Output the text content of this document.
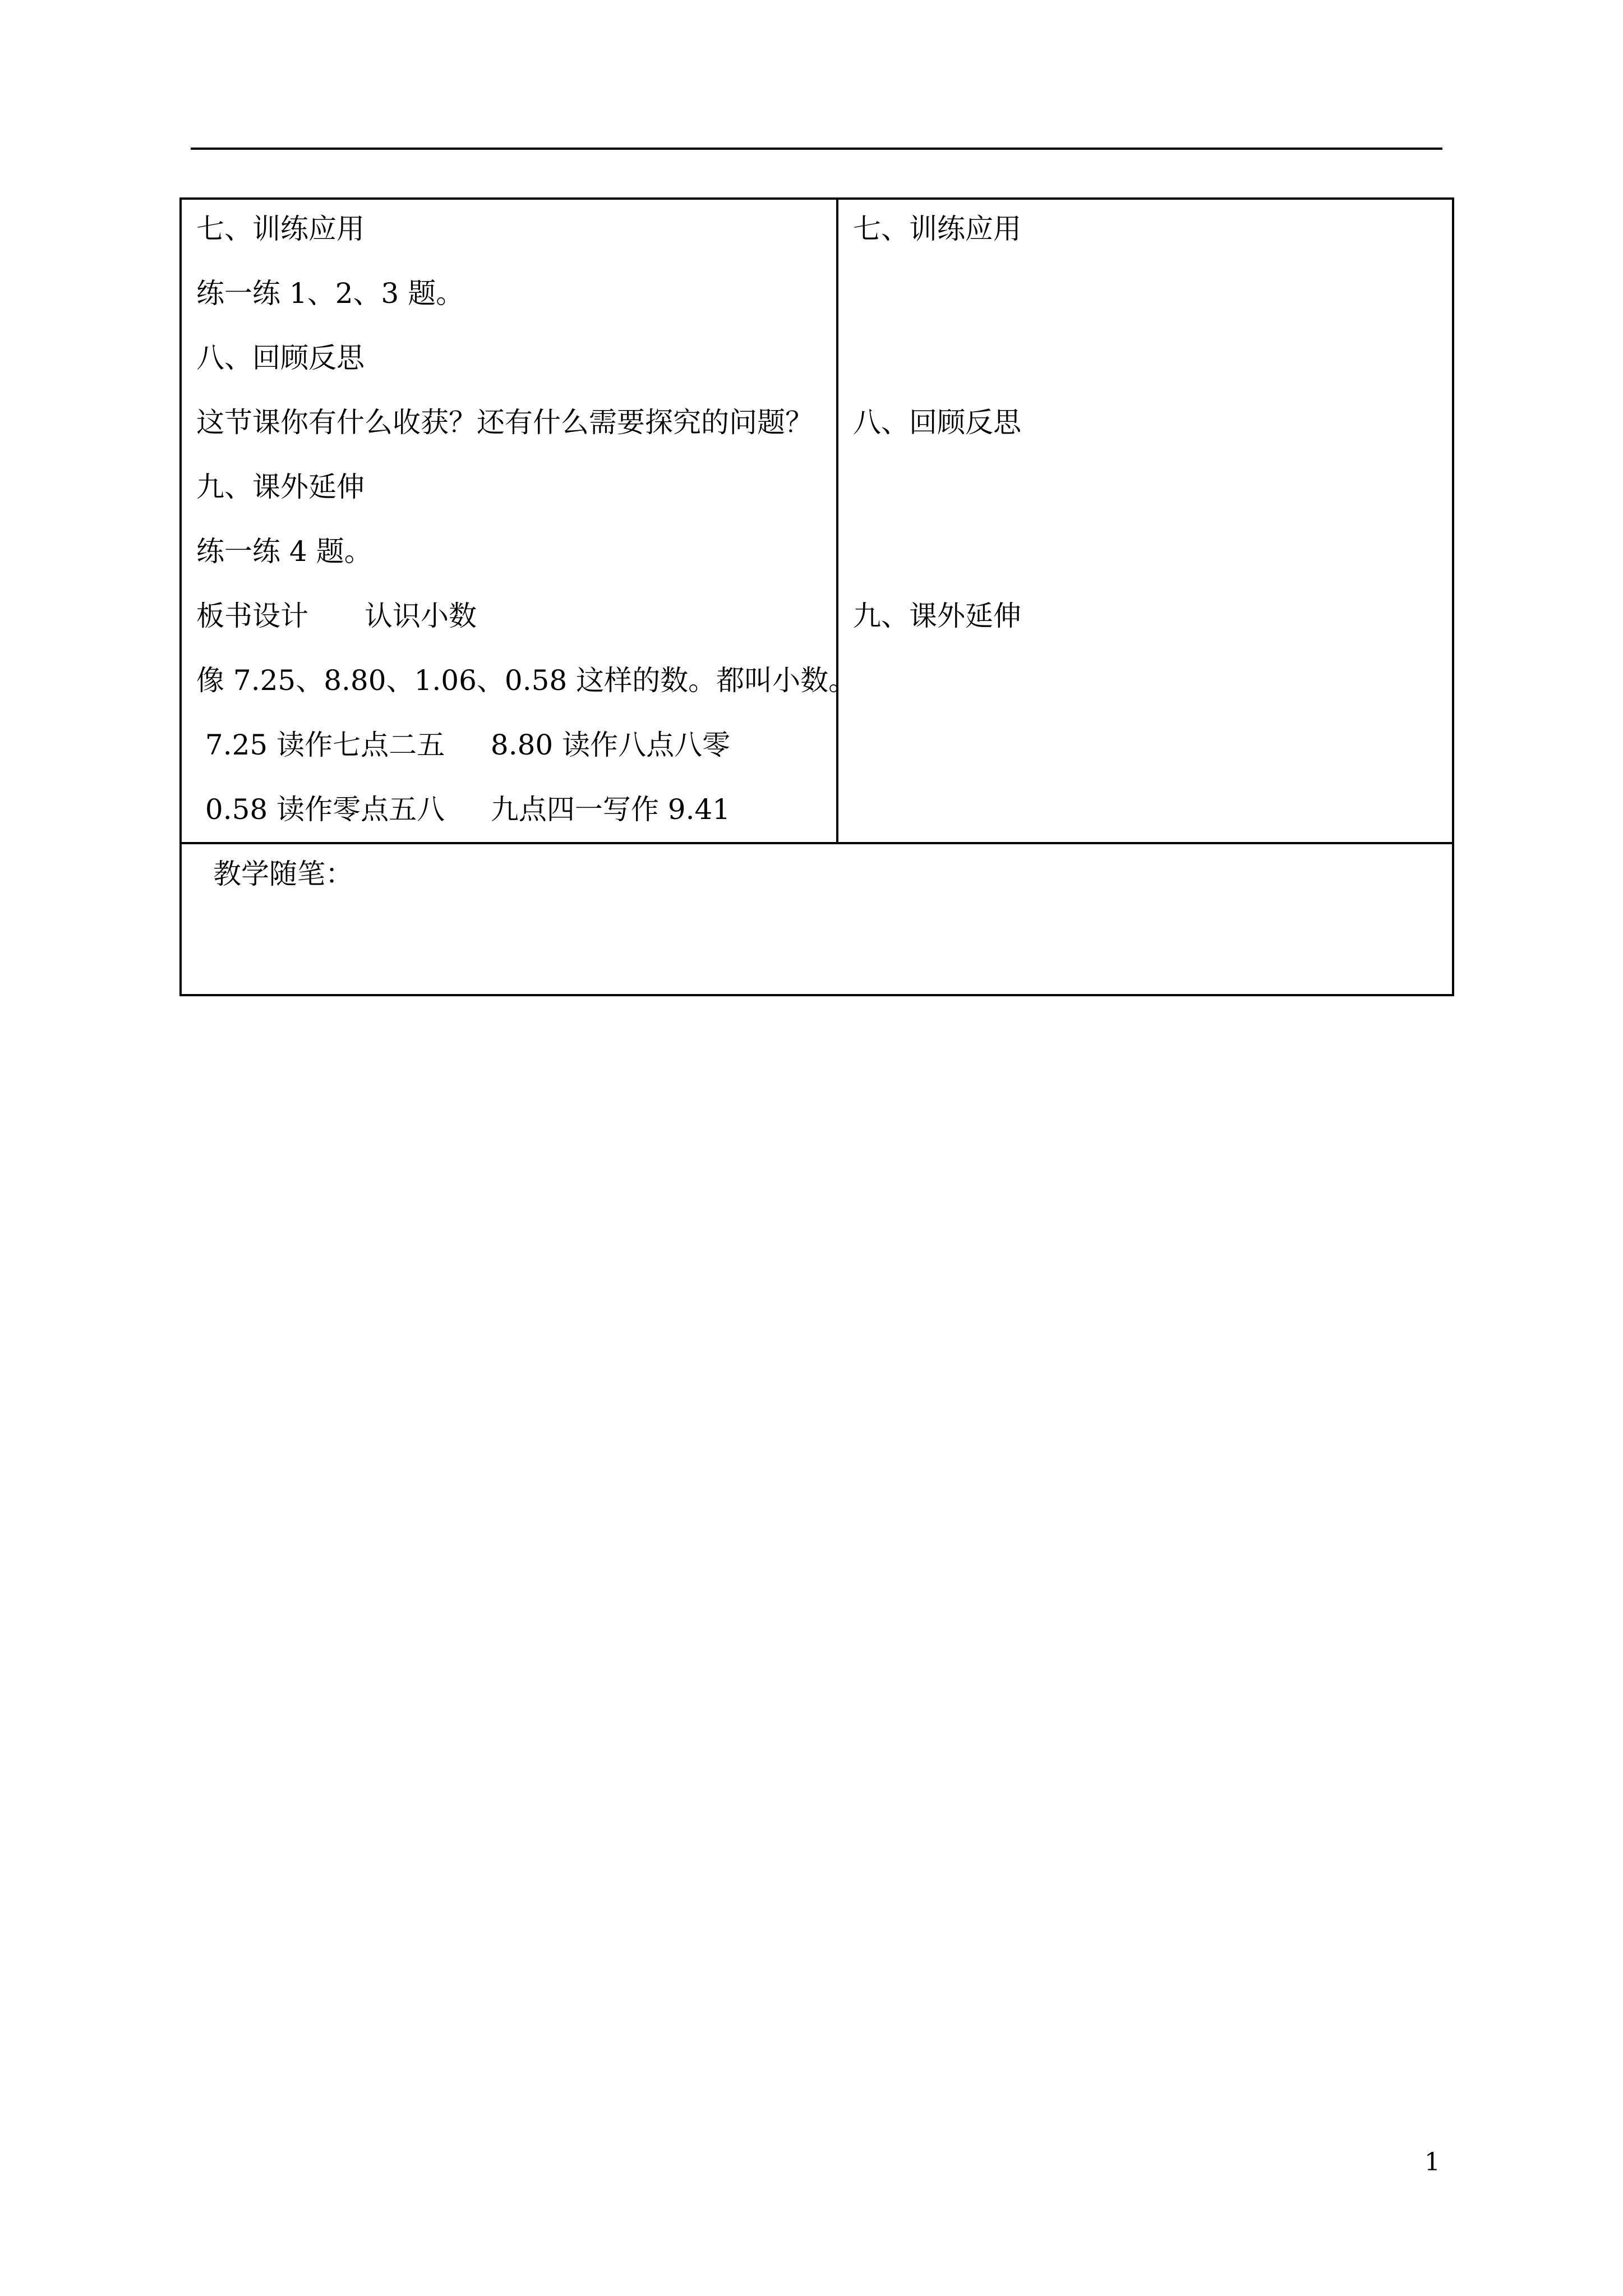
七、训练应用
练一练 1、2、3 题。
八、回顾反思
这节课你有什么收获？还有什么需要探究的问题？
九、课外延伸
练一练 4 题。
板书设计　　认识小数
像 7.25、8.80、1.06、0.58 这样的数。都叫小数。
7.25 读作七点二五　  8.80 读作八点八零
0.58 读作零点五八　  九点四一写作 9.41
七、训练应用
八、回顾反思
九、课外延伸
教学随笔：
1
